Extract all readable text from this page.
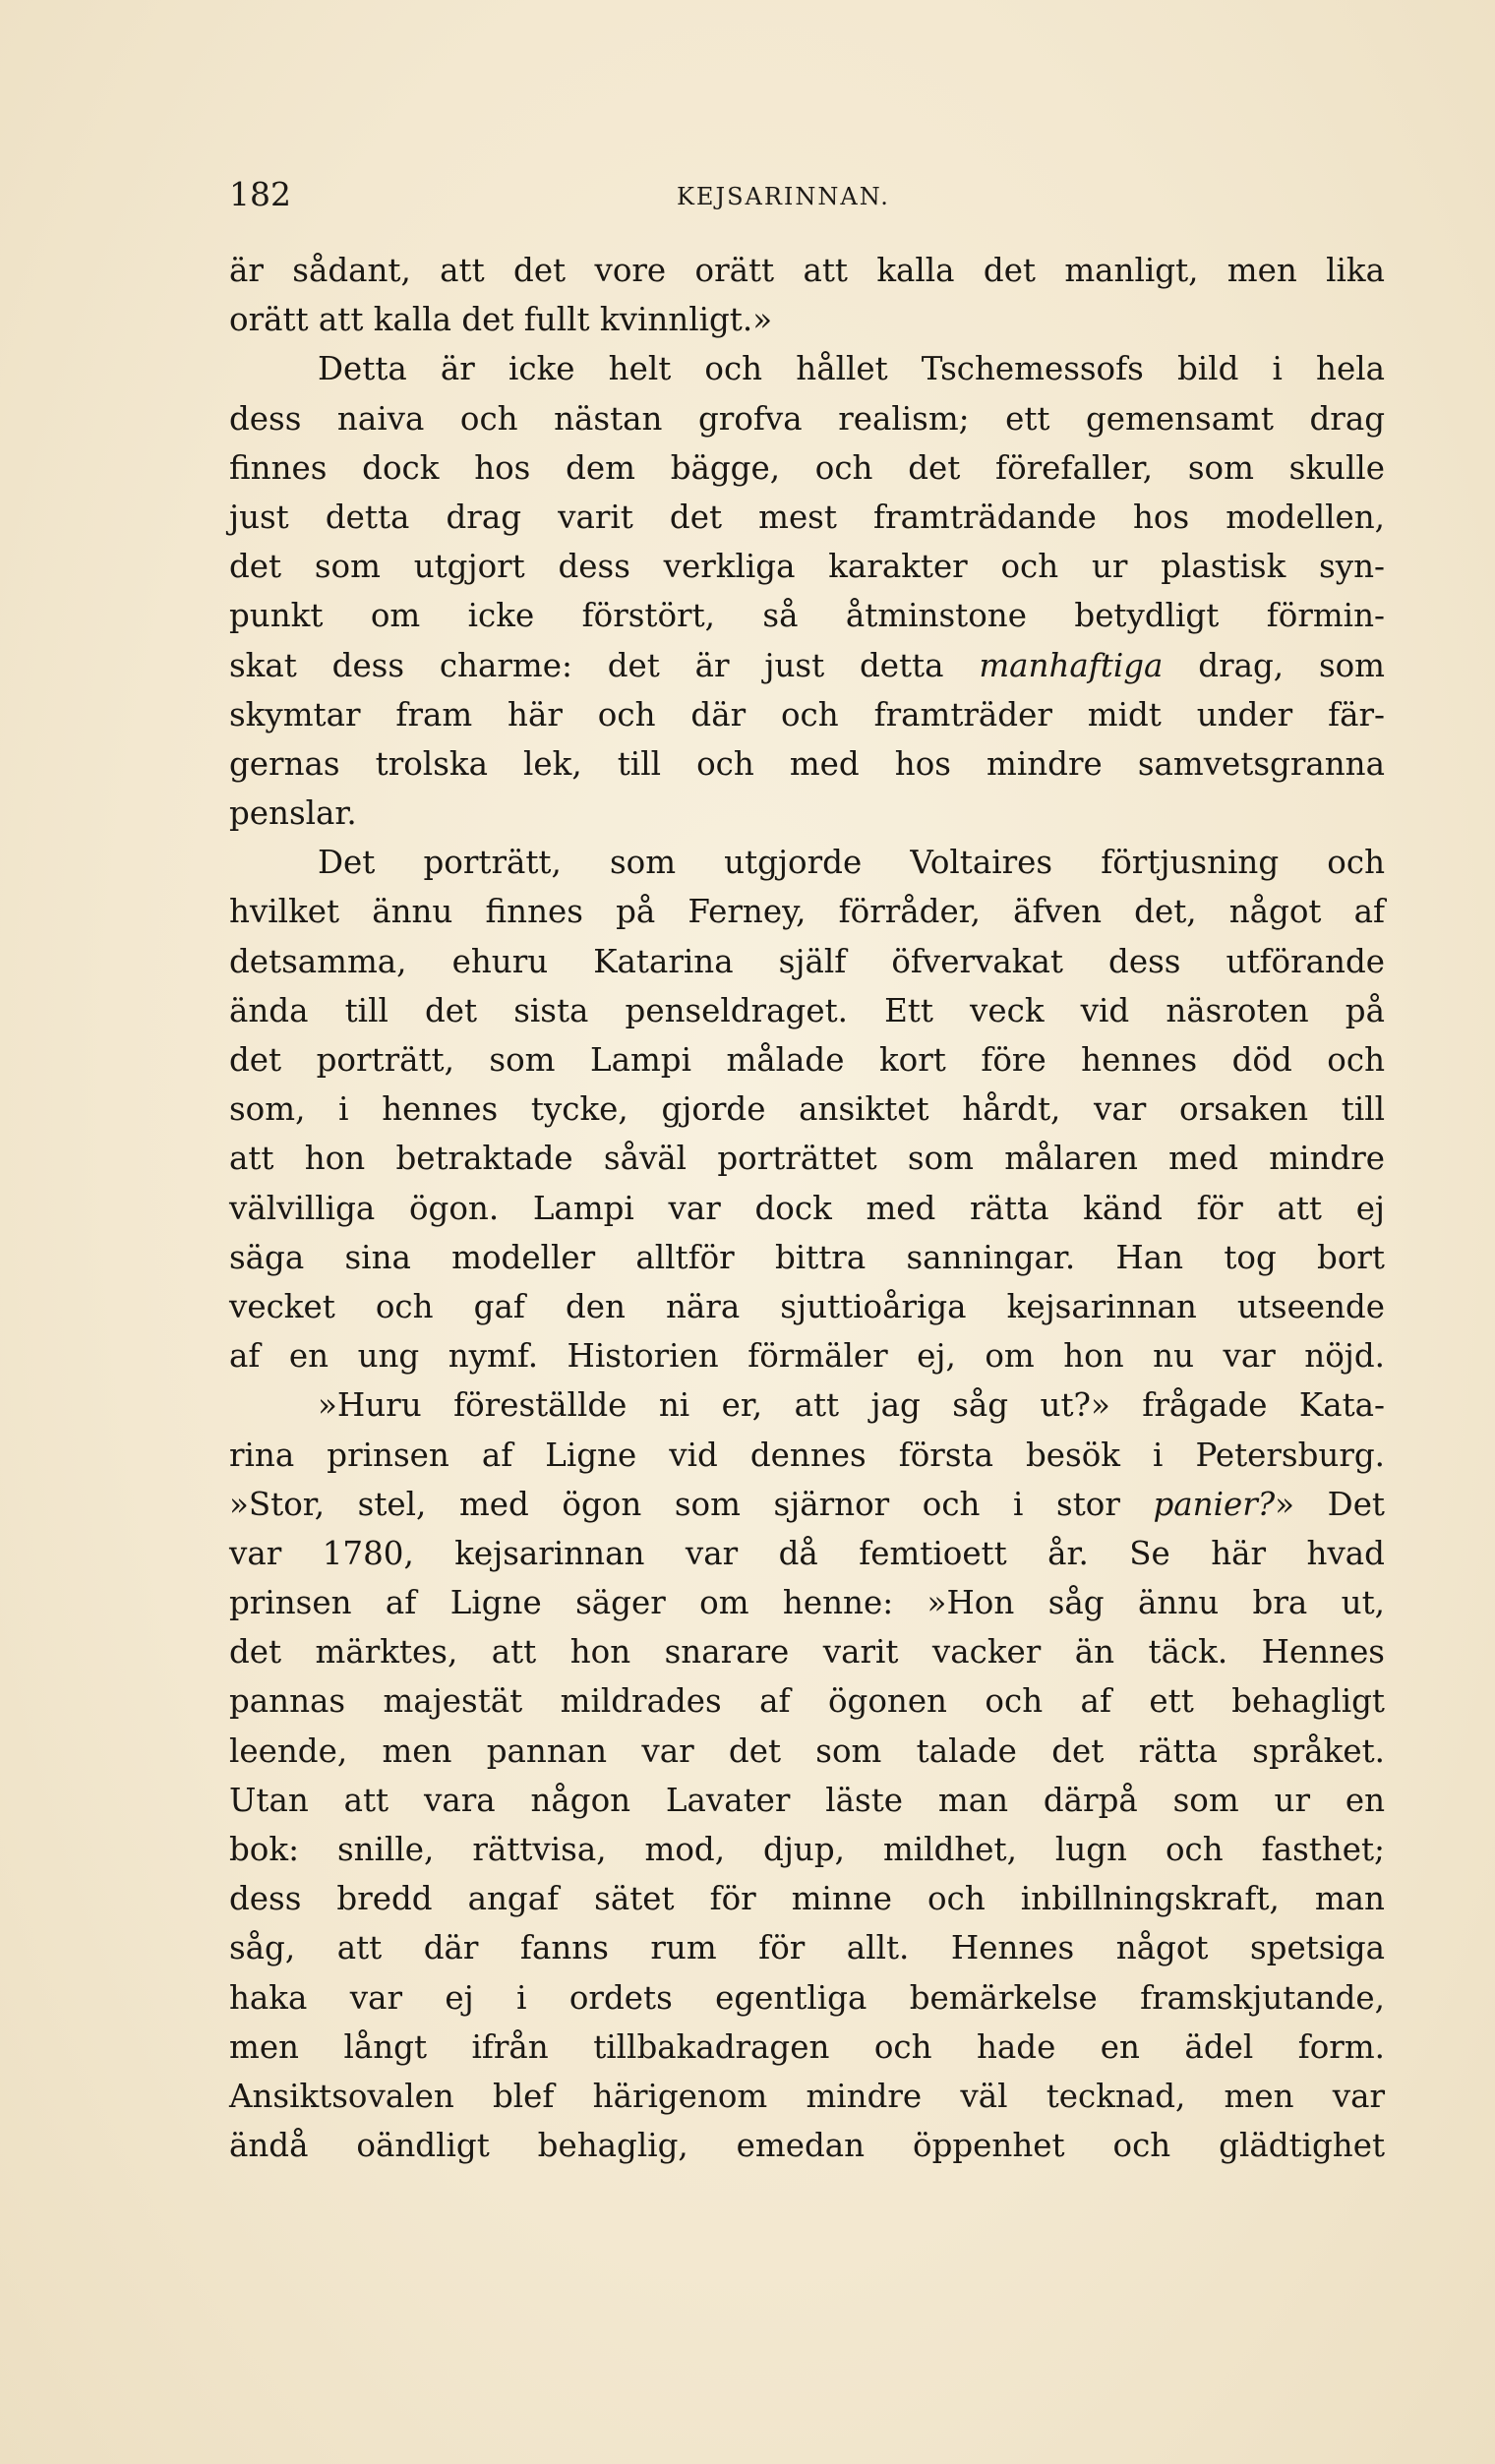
182	KEJSARINNAN.
är sådant, att det vore orätt att kalla det manligt, men lika
orätt att kalla det fullt kvinnligt.»
Detta är icke helt och hållet Tschemessofs bild i hela
dess naiva och nästan grofva realism; ett gemensamt drag
finnes dock hos dem bägge, och det förefaller, som skulle
just detta drag varit det mest framträdande hos modellen,
det som utgjort dess verkliga karakter och ur plastisk syn-
punkt om icke förstört, så åtminstone betydligt förmin-
skat dess charme: det är just detta manhaftiga drag, som
skymtar fram här och där och framträder midt under fär-
gernas trolska lek, till och med hos mindre samvetsgranna
penslar.
Det porträtt, som utgjorde Voltaires förtjusning och
hvilket ännu finnes på Ferney, förråder, äfven det, något af
detsamma, ehuru Katarina själf öfvervakat dess utförande
ända till det sista penseldraget. Ett veck vid näsroten på
det porträtt, som Lampi målade kort före hennes död och
som, i hennes tycke, gjorde ansiktet hårdt, var orsaken till
att hon betraktade såväl porträttet som målaren med mindre
välvilliga ögon. Lampi var dock med rätta känd för att ej
säga sina modeller alltför bittra sanningar. Han tog bort
vecket och gaf den nära sjuttioåriga kejsarinnan utseende
af en ung nymf. Historien förmäler ej, om hon nu var nöjd.
»Huru föreställde ni er, att jag såg ut?» frågade Kata-
rina prinsen af Ligne vid dennes första besök i Petersburg.
»Stor, stel, med ögon som sjärnor och i stor panier?» Det
var 1780, kejsarinnan var då femtioett år. Se här hvad
prinsen af Ligne säger om henne: »Hon såg ännu bra ut,
det märktes, att hon snarare varit vacker än täck. Hennes
pannas majestät mildrades af ögonen och af ett behagligt
leende, men pannan var det som talade det rätta språket.
Utan att vara någon Lavater läste man därpå som ur en
bok: snille, rättvisa, mod, djup, mildhet, lugn och fasthet;
dess bredd angaf sätet för minne och inbillningskraft, man
såg, att där fanns rum för allt. Hennes något spetsiga
haka var ej i ordets egentliga bemärkelse framskjutande,
men långt ifrån tillbakadragen och hade en ädel form.
Ansiktsovalen blef härigenom mindre väl tecknad, men var
ändå oändligt behaglig, emedan öppenhet och glädtighet
